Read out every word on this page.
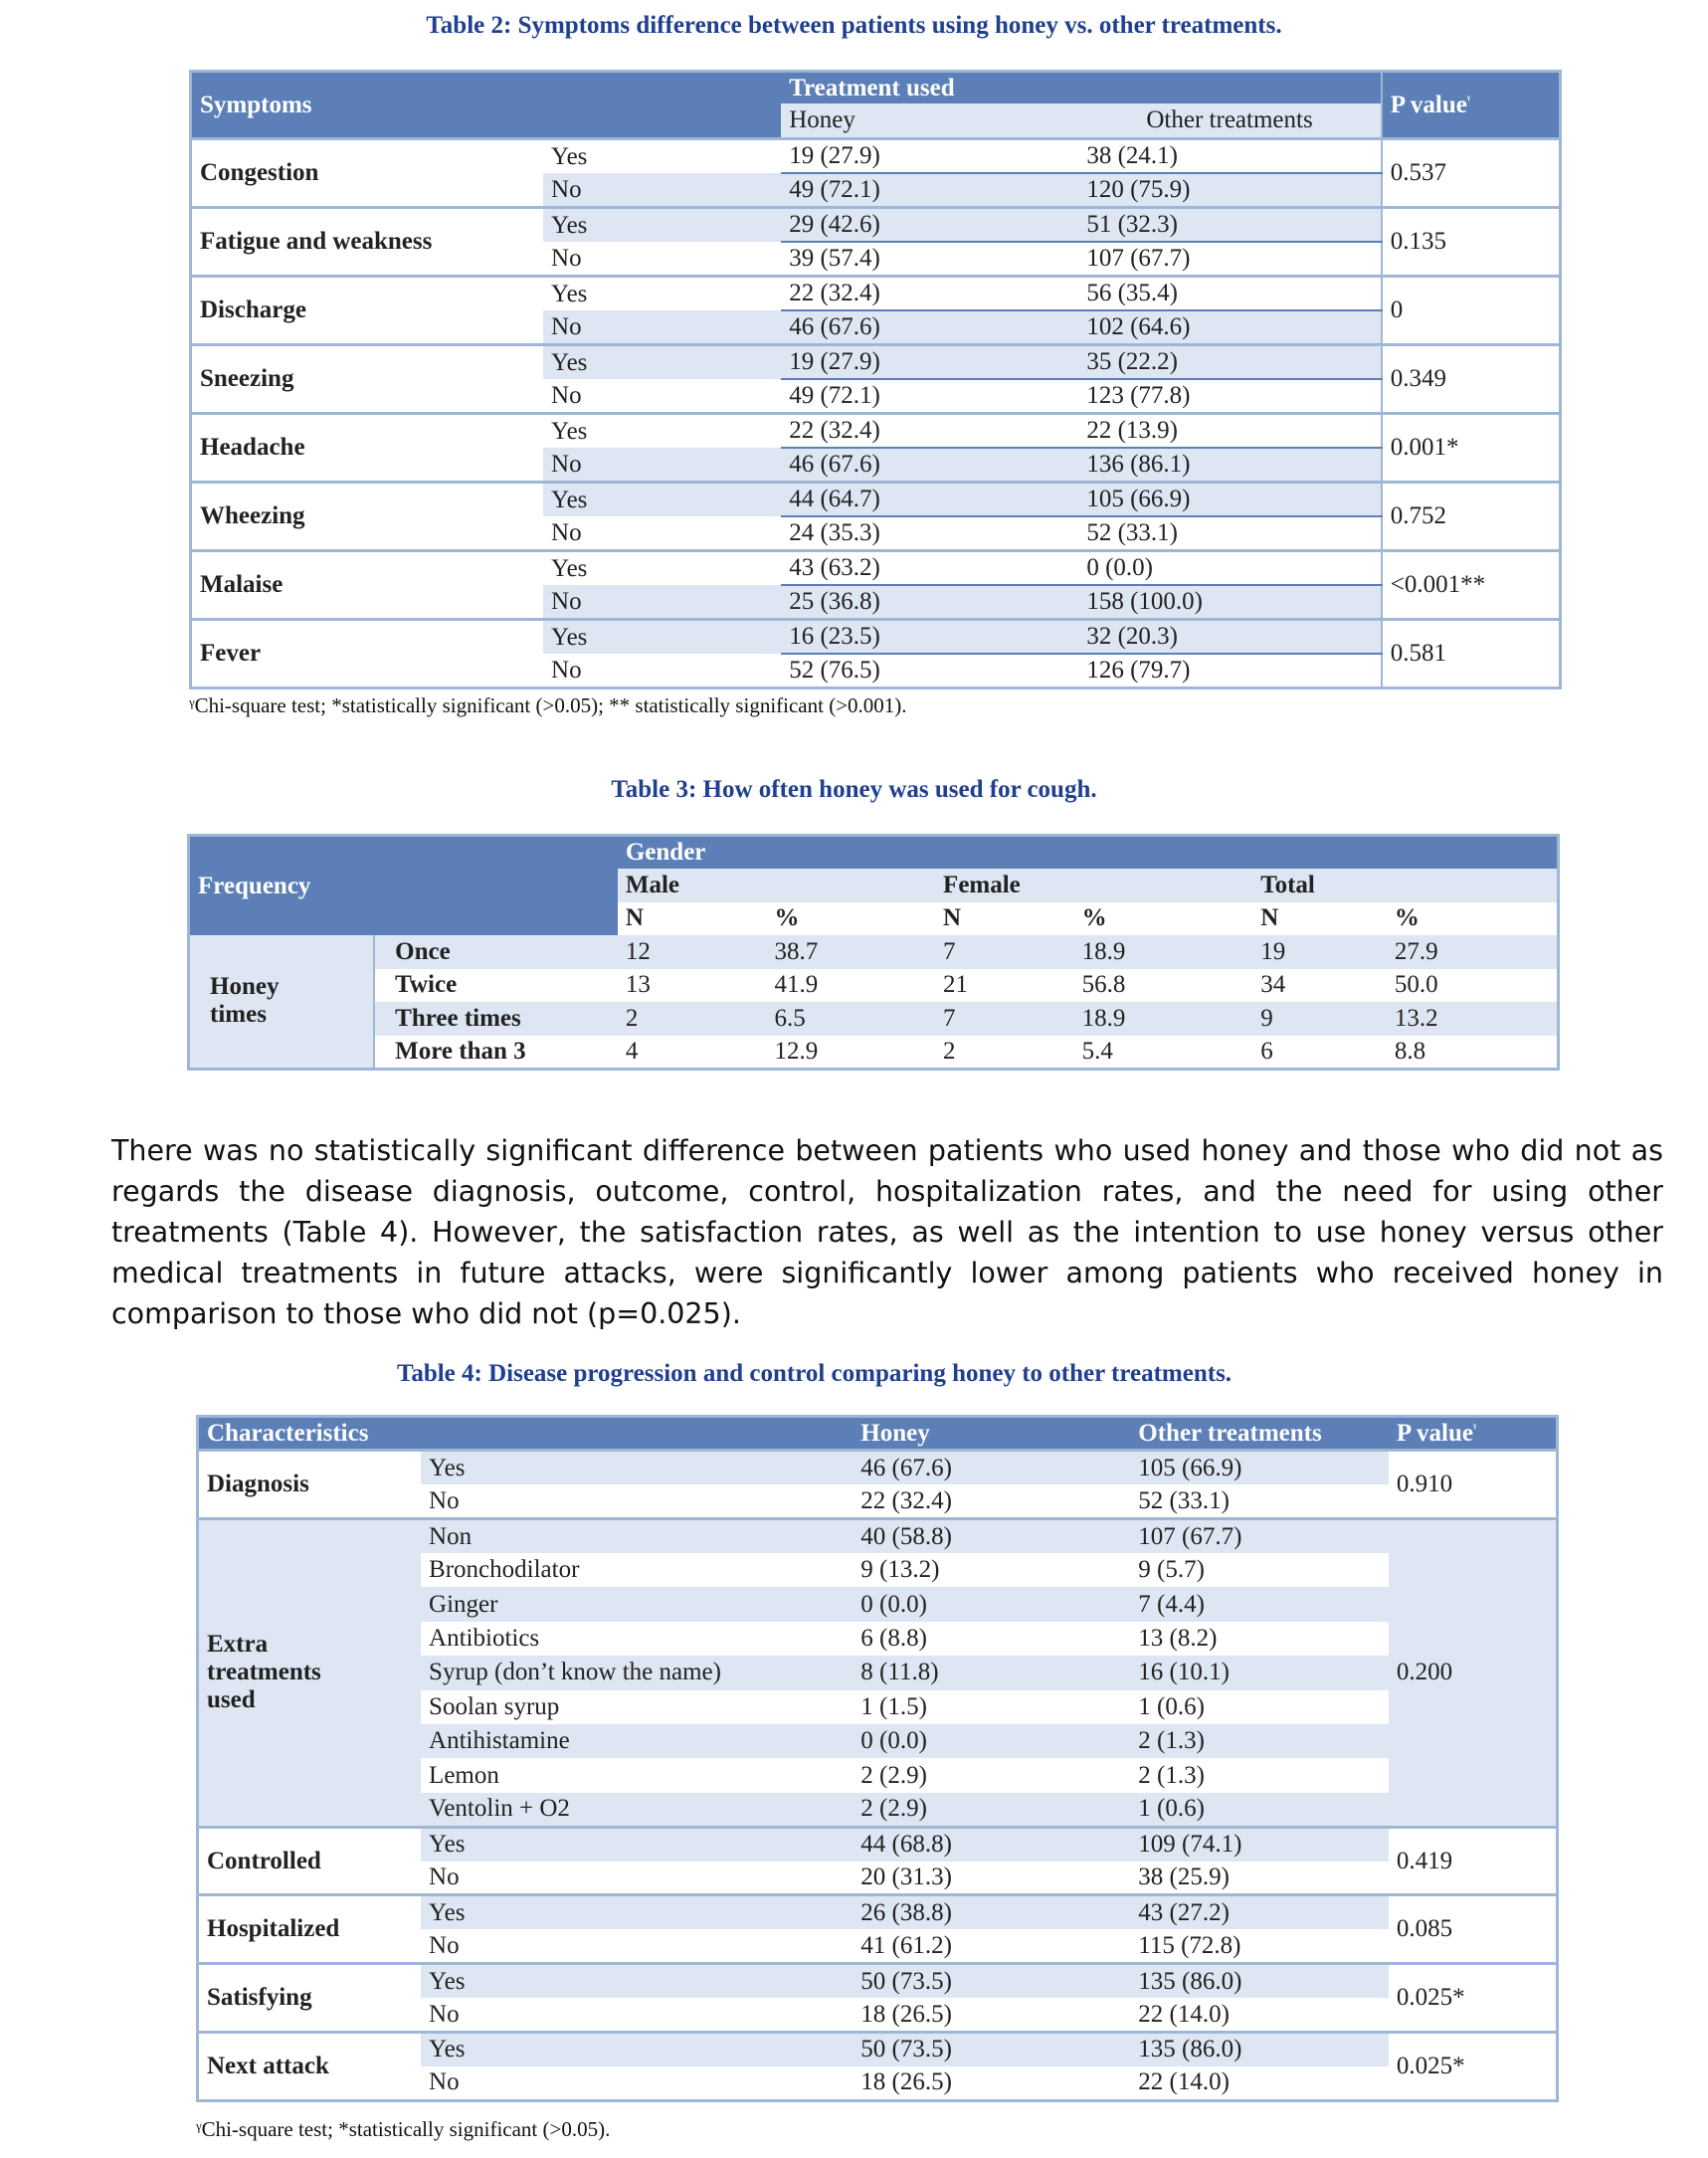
Table 2: Symptoms difference between patients using honey vs. other treatments.
Symptoms		Treatment used		P value$^ᵞ$
		Honey	Other treatments	
Congestion	Yes	19 (27.9)	38 (24.1)	0.537
	No	49 (72.1)	120 (75.9)	
Fatigue and weakness	Yes	29 (42.6)	51 (32.3)	0.135
	No	39 (57.4)	107 (67.7)	
Discharge	Yes	22 (32.4)	56 (35.4)	0
	No	46 (67.6)	102 (64.6)	
Sneezing	Yes	19 (27.9)	35 (22.2)	0.349
	No	49 (72.1)	123 (77.8)	
Headache	Yes	22 (32.4)	22 (13.9)	0.001*
	No	46 (67.6)	136 (86.1)	
Wheezing	Yes	44 (64.7)	105 (66.9)	0.752
	No	24 (35.3)	52 (33.1)	
Malaise	Yes	43 (63.2)	0 (0.0)	<0.001**
	No	25 (36.8)	158 (100.0)	
Fever	Yes	16 (23.5)	32 (20.3)	0.581
	No	52 (76.5)	126 (79.7)	
ᵞChi-square test; *statistically significant (>0.05); ** statistically significant (>0.001).
Table 3: How often honey was used for cough.
Frequency		Gender					
		Male		Female		Total	
		N	%	N	%	N	%

Honey
times	Once	12	38.7	7	18.9	19	27.9
	Twice	13	41.9	21	56.8	34	50.0
	Three times	2	6.5	7	18.9	9	13.2
	More than 3	4	12.9	2	5.4	6	8.8
There was no statistically significant difference between patients who used honey and those who did not as regards the disease diagnosis, outcome, control, hospitalization rates, and the need for using other treatments (Table 4). However, the satisfaction rates, as well as the intention to use honey versus other medical treatments in future attacks, were significantly lower among patients who received honey in comparison to those who did not (p=0.025).
Table 4: Disease progression and control comparing honey to other treatments.
Characteristics		Honey	Other treatments	P value$^ᵞ$
Diagnosis	Yes	46 (67.6)	105 (66.9)	0.910
	No	22 (32.4)	52 (33.1)	

Extra
treatments
used	Non	40 (58.8)	107 (67.7)	0.200
	Bronchodilator	9 (13.2)	9 (5.7)	
	Ginger	0 (0.0)	7 (4.4)	
	Antibiotics	6 (8.8)	13 (8.2)	
	Syrup (don’t know the name)	8 (11.8)	16 (10.1)	
	Soolan syrup	1 (1.5)	1 (0.6)	
	Antihistamine	0 (0.0)	2 (1.3)	
	Lemon	2 (2.9)	2 (1.3)	
	Ventolin + O2	2 (2.9)	1 (0.6)	
Controlled	Yes	44 (68.8)	109 (74.1)	0.419
	No	20 (31.3)	38 (25.9)	
Hospitalized	Yes	26 (38.8)	43 (27.2)	0.085
	No	41 (61.2)	115 (72.8)	
Satisfying	Yes	50 (73.5)	135 (86.0)	0.025*
	No	18 (26.5)	22 (14.0)	
Next attack	Yes	50 (73.5)	135 (86.0)	0.025*
	No	18 (26.5)	22 (14.0)	
ᵞChi-square test; *statistically significant (>0.05).
